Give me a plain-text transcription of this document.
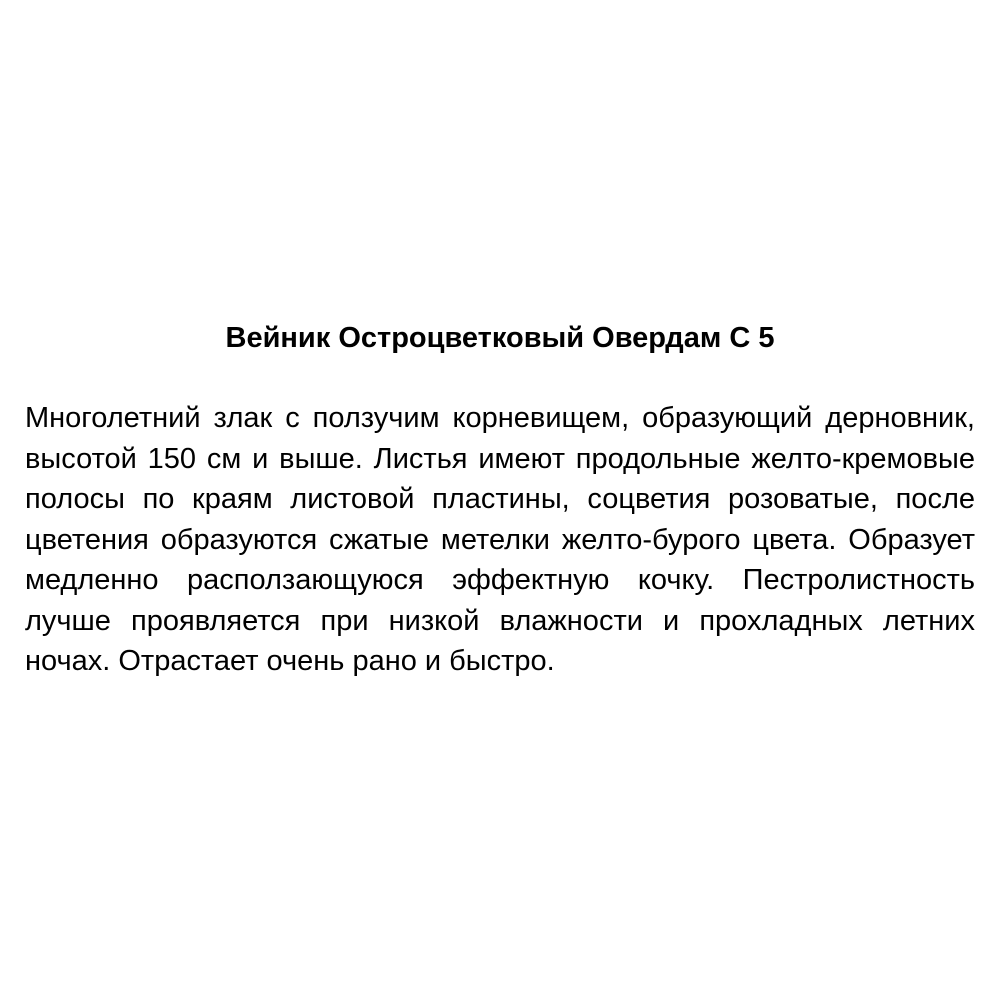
Вейник Остроцветковый Овердам С 5

Многолетний злак с ползучим корневищем, образующий дерновник, высотой 150 см и выше. Листья имеют продольные желто-кремовые полосы по краям листовой пластины, соцветия розоватые, после цветения образуются сжатые метелки желто-бурого цвета. Образует медленно расползающуюся эффектную кочку. Пестролистность лучше проявляется при низкой влажности и прохладных летних ночах. Отрастает очень рано и быстро.
